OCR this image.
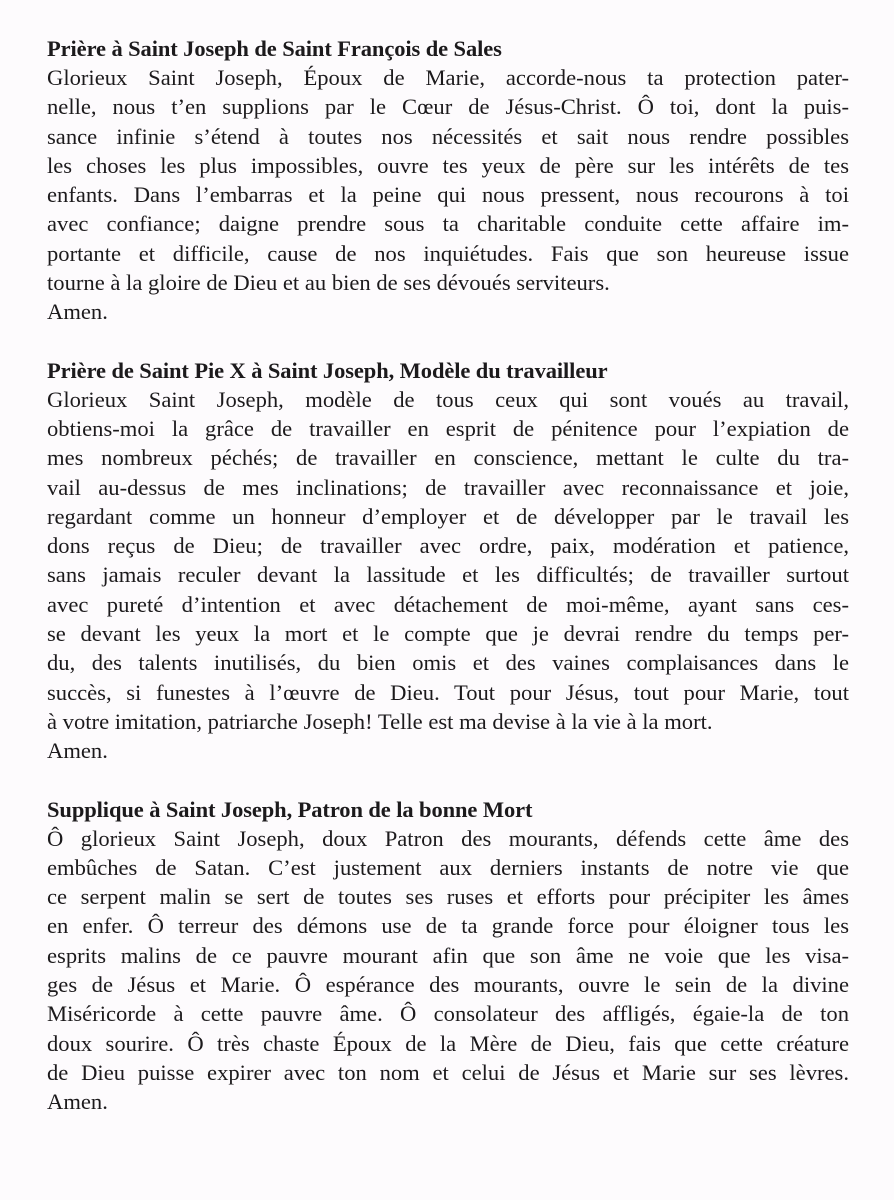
Prière à Saint Joseph de Saint François de Sales
Glorieux Saint Joseph, Époux de Marie, accorde-nous ta protection pater-
nelle, nous t’en supplions par le Cœur de Jésus-Christ. Ô toi, dont la puis-
sance infinie s’étend à toutes nos nécessités et sait nous rendre possibles
les choses les plus impossibles, ouvre tes yeux de père sur les intérêts de tes
enfants. Dans l’embarras et la peine qui nous pressent, nous recourons à toi
avec confiance; daigne prendre sous ta charitable conduite cette affaire im-
portante et difficile, cause de nos inquiétudes. Fais que son heureuse issue
tourne à la gloire de Dieu et au bien de ses dévoués serviteurs.
Amen.
Prière de Saint Pie X à Saint Joseph, Modèle du travailleur
Glorieux Saint Joseph, modèle de tous ceux qui sont voués au travail,
obtiens-moi la grâce de travailler en esprit de pénitence pour l’expiation de
mes nombreux péchés; de travailler en conscience, mettant le culte du tra-
vail au-dessus de mes inclinations; de travailler avec reconnaissance et joie,
regardant comme un honneur d’employer et de développer par le travail les
dons reçus de Dieu; de travailler avec ordre, paix, modération et patience,
sans jamais reculer devant la lassitude et les difficultés; de travailler surtout
avec pureté d’intention et avec détachement de moi-même, ayant sans ces-
se devant les yeux la mort et le compte que je devrai rendre du temps per-
du, des talents inutilisés, du bien omis et des vaines complaisances dans le
succès, si funestes à l’œuvre de Dieu. Tout pour Jésus, tout pour Marie, tout
à votre imitation, patriarche Joseph! Telle est ma devise à la vie à la mort.
Amen.
Supplique à Saint Joseph, Patron de la bonne Mort
Ô glorieux Saint Joseph, doux Patron des mourants, défends cette âme des
embûches de Satan. C’est justement aux derniers instants de notre vie que
ce serpent malin se sert de toutes ses ruses et efforts pour précipiter les âmes
en enfer. Ô terreur des démons use de ta grande force pour éloigner tous les
esprits malins de ce pauvre mourant afin que son âme ne voie que les visa-
ges de Jésus et Marie. Ô espérance des mourants, ouvre le sein de la divine
Miséricorde à cette pauvre âme. Ô consolateur des affligés, égaie-la de ton
doux sourire. Ô très chaste Époux de la Mère de Dieu, fais que cette créature
de Dieu puisse expirer avec ton nom et celui de Jésus et Marie sur ses lèvres.
Amen.
